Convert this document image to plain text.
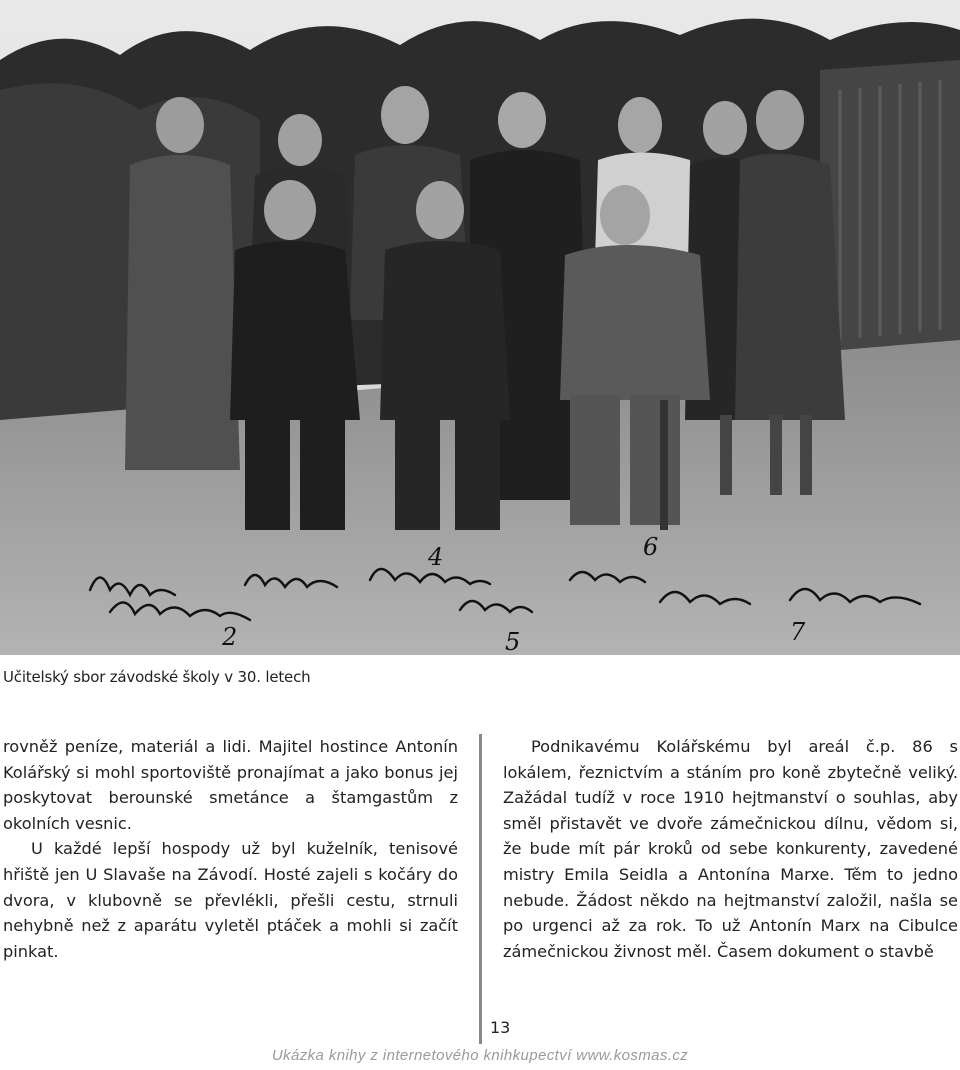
2
4
5
6
7
Učitelský sbor závodské školy v 30. letech

rovněž peníze, materiál a lidi. Majitel hostince Antonín Kolářský si mohl sportoviště pronajímat a jako bonus jej poskytovat berounské smetánce a štamgastům z okolních vesnic.

U každé lepší hospody už byl kuželník, tenisové hřiště jen U Slavaše na Závodí. Hosté zajeli s kočáry do dvora, v klubovně se převlékli, přešli cestu, strnuli nehybně než z aparátu vyletěl ptáček a mohli si začít pinkat.

Podnikavému Kolářskému byl areál č.p. 86 s lokálem, řeznictvím a stáním pro koně zbytečně veliký. Zažádal tudíž v roce 1910 hejtmanství o souhlas, aby směl přistavět ve dvoře zámečnickou dílnu, vědom si, že bude mít pár kroků od sebe konkurenty, zavedené mistry Emila Seidla a Antonína Marxe. Těm to jedno nebude. Žádost někdo na hejtmanství založil, našla se po urgenci až za rok. To už Antonín Marx na Cibulce zámečnickou živnost měl. Časem dokument o stavbě

13
Ukázka knihy z internetového knihkupectví www.kosmas.cz
